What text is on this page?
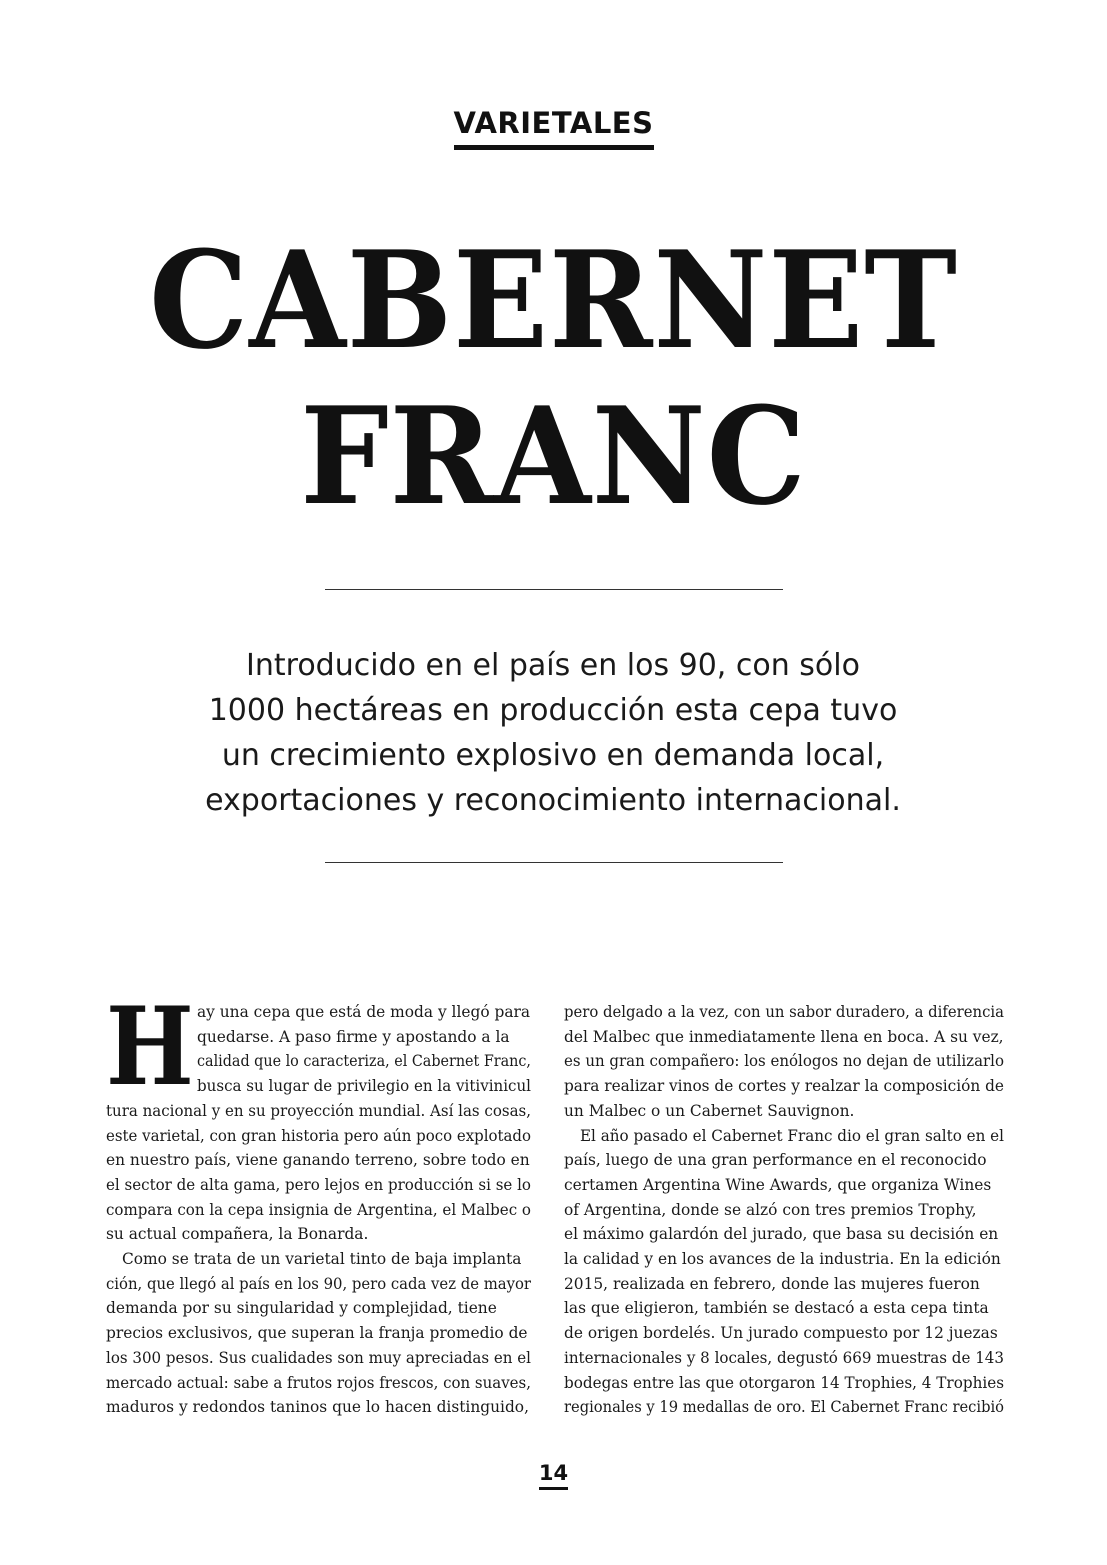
VARIETALES
CABERNET
FRANC

Introducido en el país en los 90, con sólo
1000 hectáreas en producción esta cepa tuvo
un crecimiento explosivo en demanda local,
exportaciones y reconocimiento internacional.

H ay una cepa que está de moda y llegó para
quedarse. A paso firme y apostando a la
calidad que lo caracteriza, el Cabernet Franc,
busca su lugar de privilegio en la vitivinicul
tura nacional y en su proyección mundial. Así las cosas,
este varietal, con gran historia pero aún poco explotado
en nuestro país, viene ganando terreno, sobre todo en
el sector de alta gama, pero lejos en producción si se lo
compara con la cepa insignia de Argentina, el Malbec o
su actual compañera, la Bonarda.
Como se trata de un varietal tinto de baja implanta
ción, que llegó al país en los 90, pero cada vez de mayor
demanda por su singularidad y complejidad, tiene
precios exclusivos, que superan la franja promedio de
los 300 pesos. Sus cualidades son muy apreciadas en el
mercado actual: sabe a frutos rojos frescos, con suaves,
maduros y redondos taninos que lo hacen distinguido,
pero delgado a la vez, con un sabor duradero, a diferencia
del Malbec que inmediatamente llena en boca. A su vez,
es un gran compañero: los enólogos no dejan de utilizarlo
para realizar vinos de cortes y realzar la composición de
un Malbec o un Cabernet Sauvignon.
El año pasado el Cabernet Franc dio el gran salto en el
país, luego de una gran performance en el reconocido
certamen Argentina Wine Awards, que organiza Wines
of Argentina, donde se alzó con tres premios Trophy,
el máximo galardón del jurado, que basa su decisión en
la calidad y en los avances de la industria. En la edición
2015, realizada en febrero, donde las mujeres fueron
las que eligieron, también se destacó a esta cepa tinta
de origen bordelés. Un jurado compuesto por 12 juezas
internacionales y 8 locales, degustó 669 muestras de 143
bodegas entre las que otorgaron 14 Trophies, 4 Trophies
regionales y 19 medallas de oro. El Cabernet Franc recibió
14
